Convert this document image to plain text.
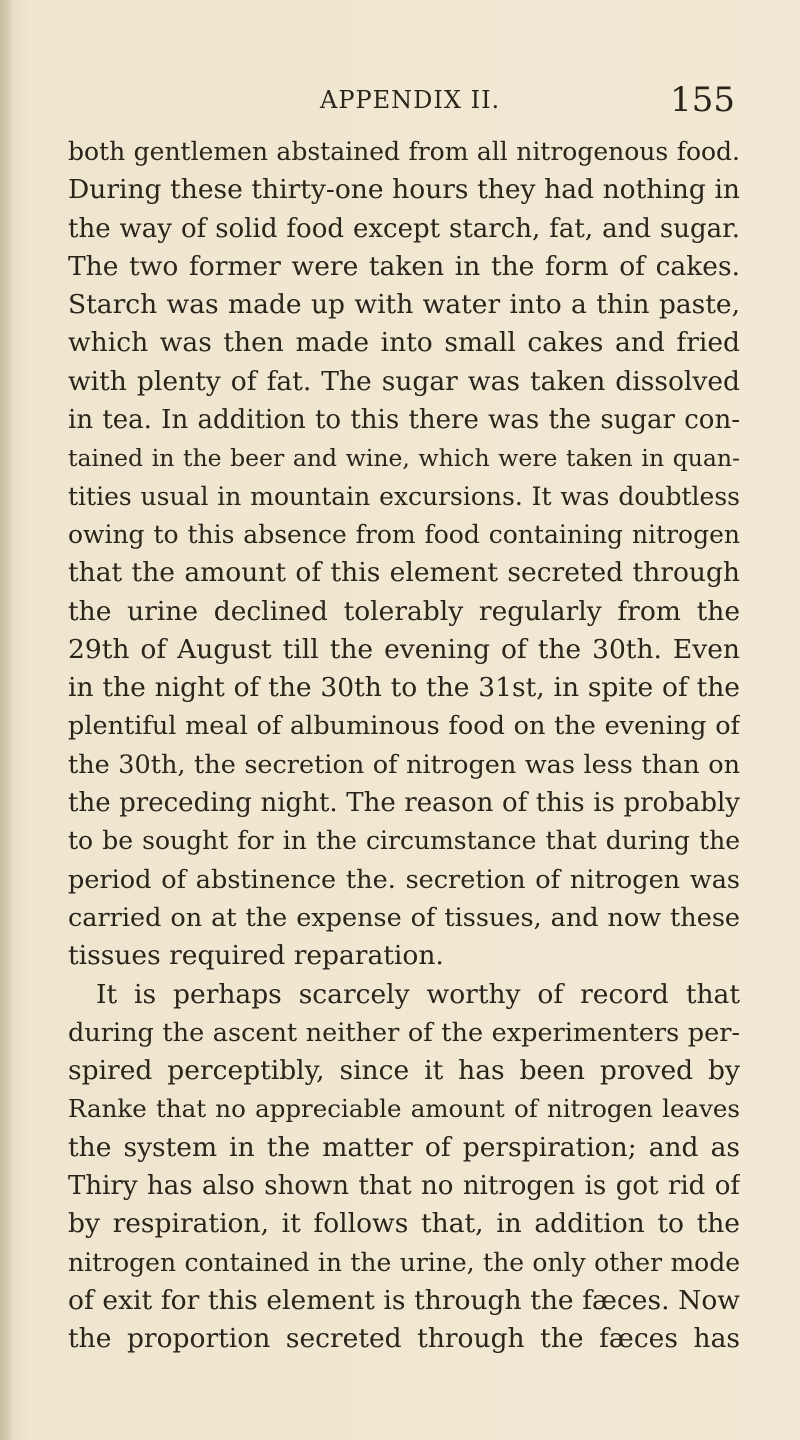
APPENDIX II.	155
both gentlemen abstained from all nitrogenous food.
During these thirty-one hours they had nothing in
the way of solid food except starch, fat, and sugar.
The two former were taken in the form of cakes.
Starch was made up with water into a thin paste,
which was then made into small cakes and fried
with plenty of fat. The sugar was taken dissolved
in tea. In addition to this there was the sugar con-
tained in the beer and wine, which were taken in quan-
tities usual in mountain excursions. It was doubtless
owing to this absence from food containing nitrogen
that the amount of this element secreted through
the urine declined tolerably regularly from the
29th of August till the evening of the 30th. Even
in the night of the 30th to the 31st, in spite of the
plentiful meal of albuminous food on the evening of
the 30th, the secretion of nitrogen was less than on
the preceding night. The reason of this is probably
to be sought for in the circumstance that during the
period of abstinence the. secretion of nitrogen was
carried on at the expense of tissues, and now these
tissues required reparation.
It is perhaps scarcely worthy of record that
during the ascent neither of the experimenters per-
spired perceptibly, since it has been proved by
Ranke that no appreciable amount of nitrogen leaves
the system in the matter of perspiration; and as
Thiry has also shown that no nitrogen is got rid of
by respiration, it follows that, in addition to the
nitrogen contained in the urine, the only other mode
of exit for this element is through the fæces. Now
the proportion secreted through the fæces has
